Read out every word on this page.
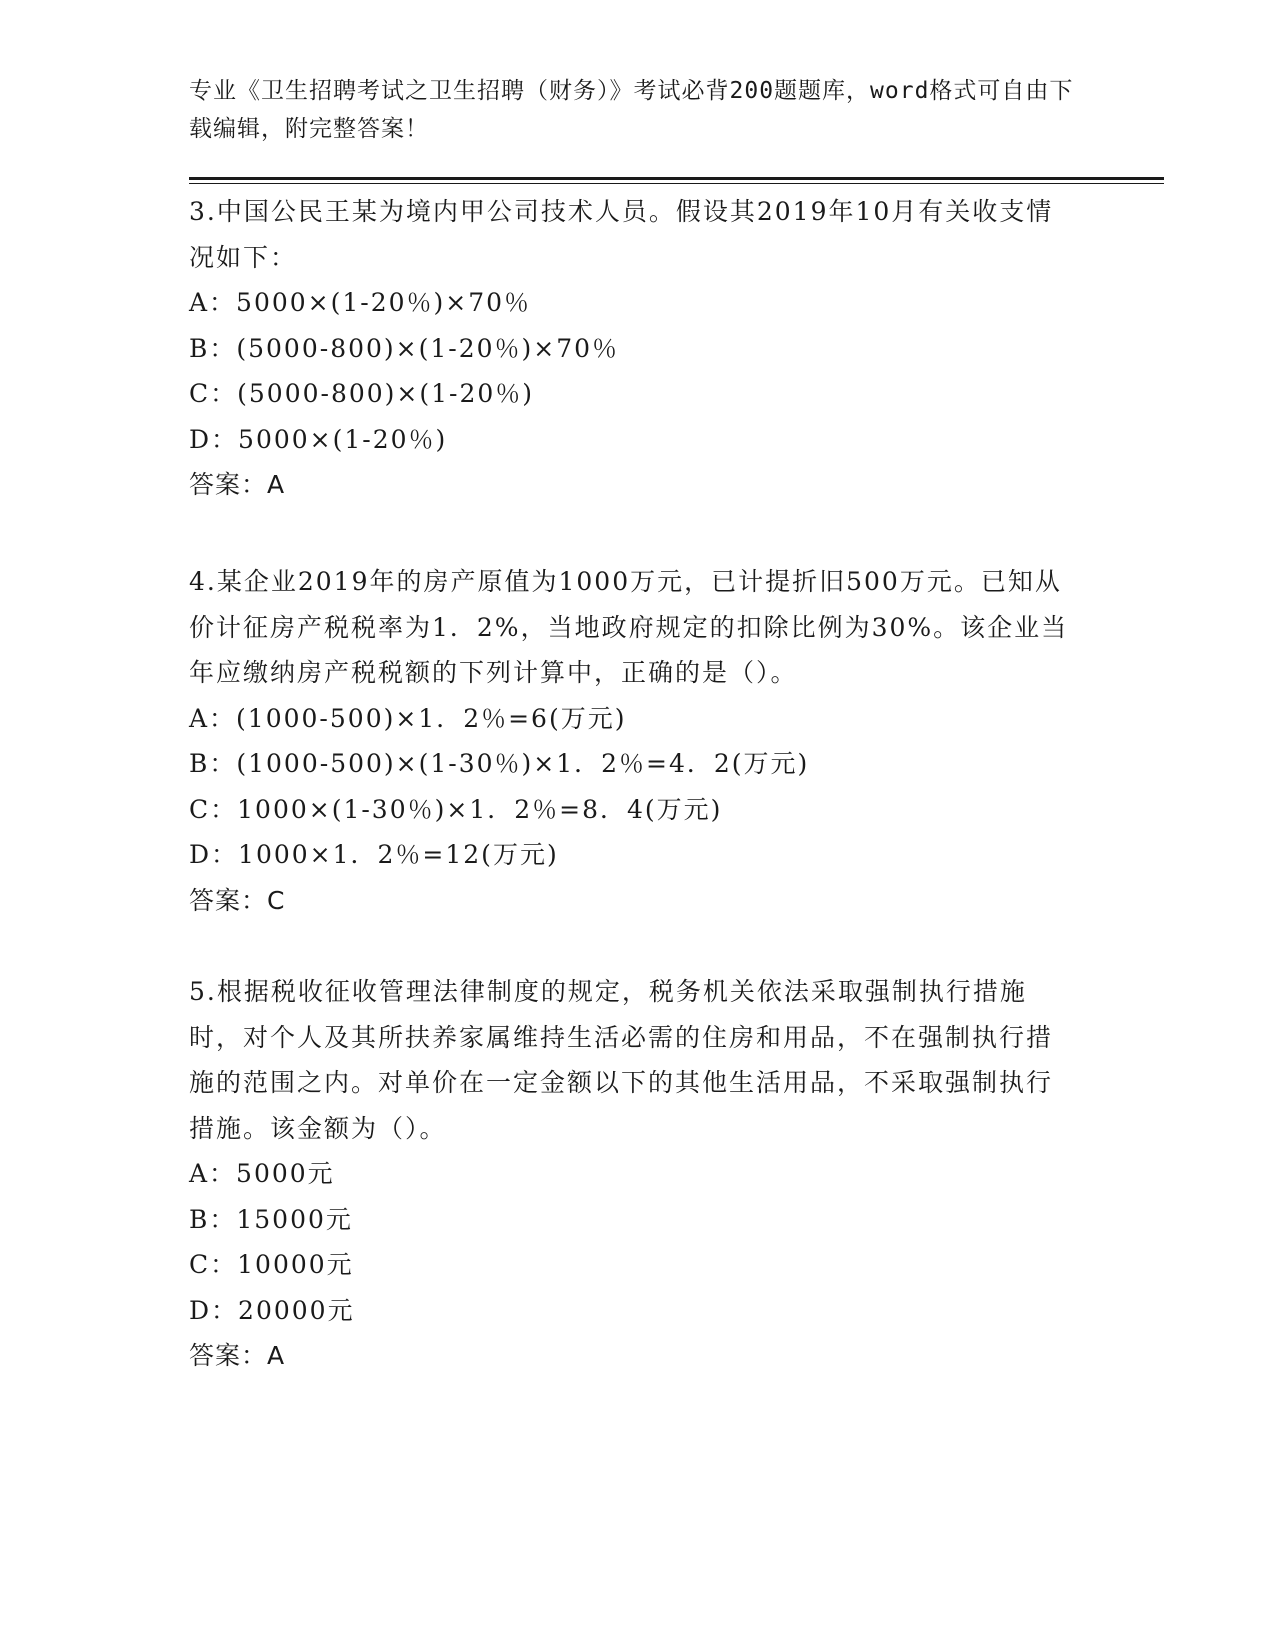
专业《卫生招聘考试之卫生招聘（财务）》考试必背200题题库，word格式可自由下载编辑，附完整答案！

3.中国公民王某为境内甲公司技术人员。假设其2019年10月有关收支情况如下：

A：5000×(1-20％)×70％

B：(5000-800)×(1-20％)×70％

C：(5000-800)×(1-20％)

D：5000×(1-20％)

答案：A

4.某企业2019年的房产原值为1000万元，已计提折旧500万元。已知从价计征房产税税率为1．2%，当地政府规定的扣除比例为30%。该企业当年应缴纳房产税税额的下列计算中，正确的是（）。

A：(1000-500)×1．2％=6(万元)

B：(1000-500)×(1-30％)×1．2％=4．2(万元)

C：1000×(1-30％)×1．2％=8．4(万元)

D：1000×1．2％=12(万元)

答案：C

5.根据税收征收管理法律制度的规定，税务机关依法采取强制执行措施时，对个人及其所扶养家属维持生活必需的住房和用品，不在强制执行措施的范围之内。对单价在一定金额以下的其他生活用品，不采取强制执行措施。该金额为（）。

A：5000元

B：15000元

C：10000元

D：20000元

答案：A
